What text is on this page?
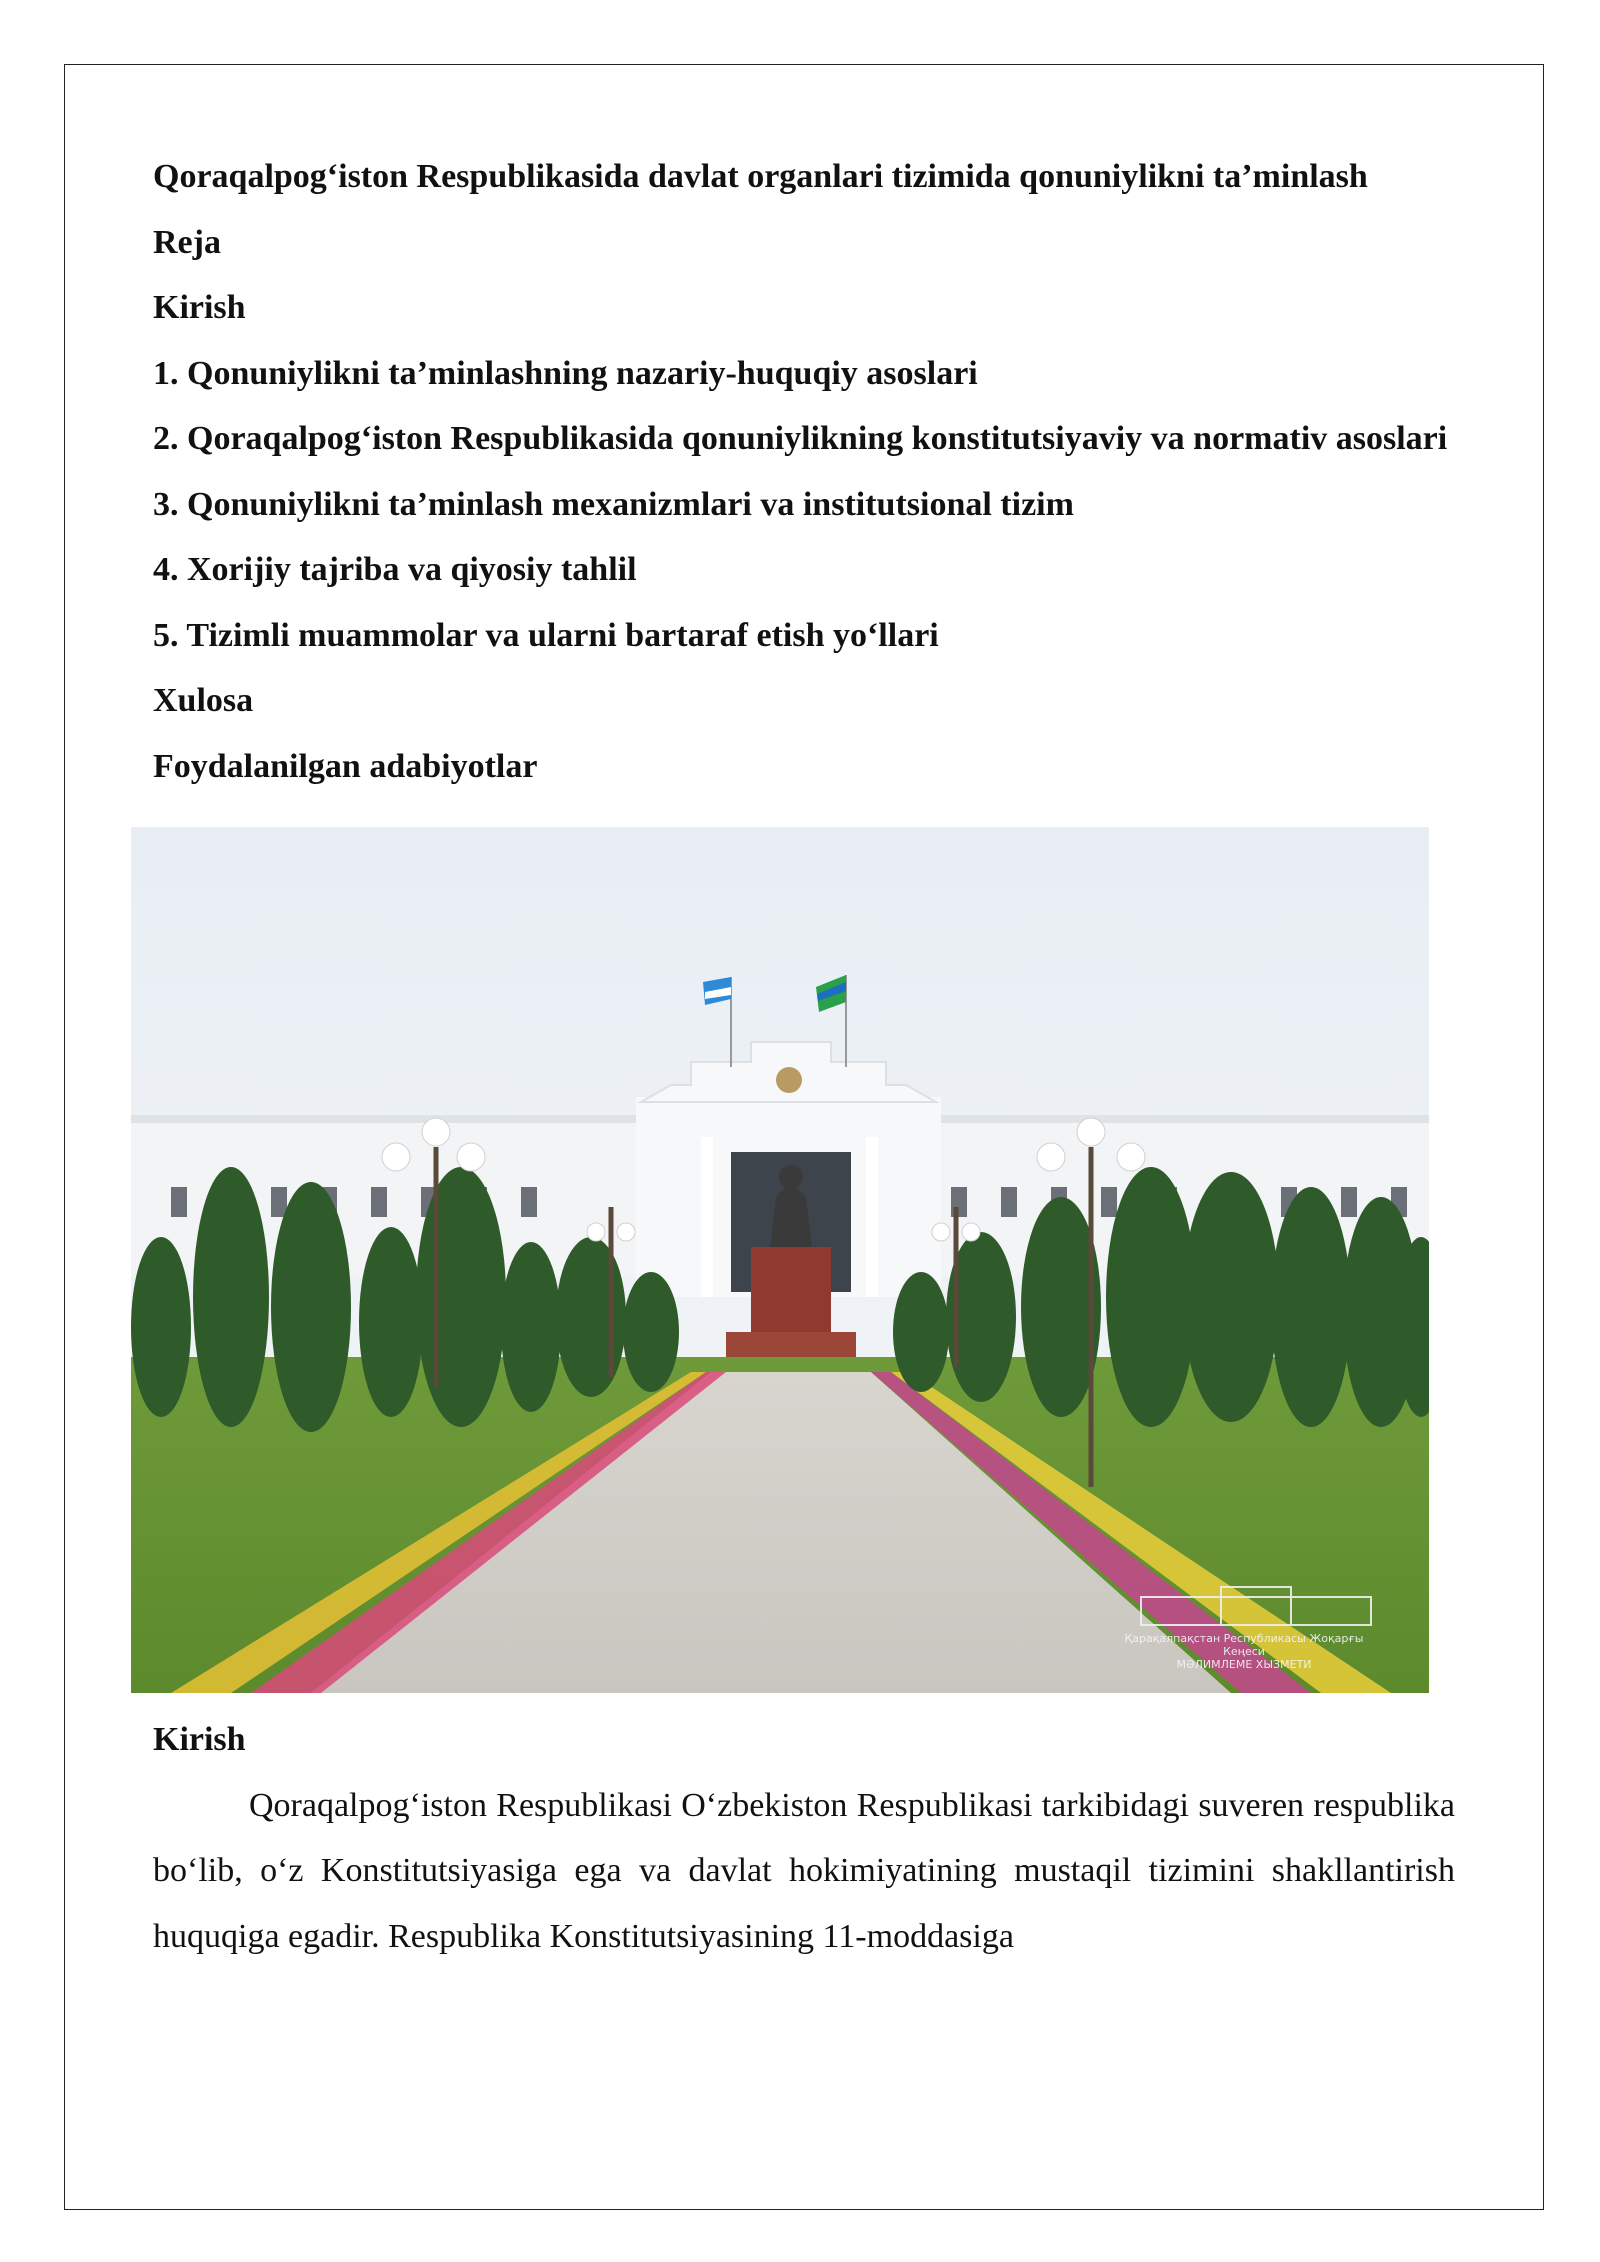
Qoraqalpog‘iston Respublikasida davlat organlari tizimida qonuniylikni ta’minlash

Reja

Kirish

1. Qonuniylikni ta’minlashning nazariy-huquqiy asoslari

2. Qoraqalpog‘iston Respublikasida qonuniylikning konstitutsiyaviy va normativ asoslari

3. Qonuniylikni ta’minlash mexanizmlari va institutsional tizim

4. Xorijiy tajriba va qiyosiy tahlil

5. Tizimli muammolar va ularni bartaraf etish yo‘llari

Xulosa

Foydalanilgan adabiyotlar

Қарақалпақстан Республикасы Жоқарғы Кеңеси
МӘЛИМЛЕМЕ ХЫЗМЕТИ

Kirish

Qoraqalpog‘iston Respublikasi O‘zbekiston Respublikasi tarkibidagi suveren respublika bo‘lib, o‘z Konstitutsiyasiga ega va davlat hokimiyatining mustaqil tizimini shakllantirish huquqiga egadir. Respublika Konstitutsiyasining 11-moddasiga
